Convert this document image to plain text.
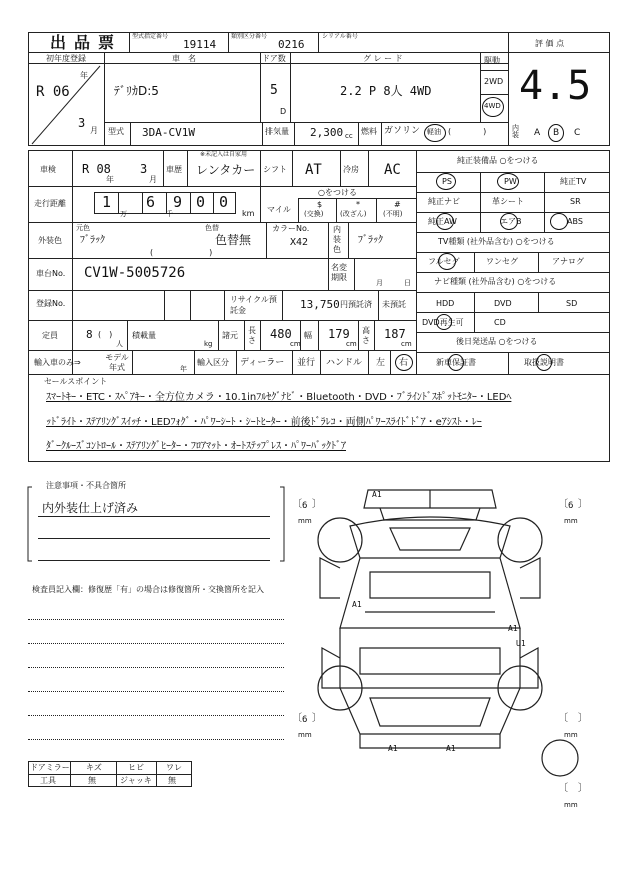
出品票 型式指定番号
19114
類別区分番号
0216
シリアル番号
評 価 点
4.5
初年度登録
R 06
年
3
月
車　名
ﾃﾞﾘｶD:5
ドア数
5
D
グ レ ー ド
2.2 P 8人 4WD
駆動
2WD
4WD
型式 3DA-CV1W	排気量 2,300 cc 燃料 ガソリン 軽油 (　　　　)	内装	A B C
車検 R 08
年
3
月
車歴
※未記入は自家用
レンタカー シフト AT	冷房 AC
走行距離 1
万
6
千
9 0 0
km マイル
○をつける
$
(交換)
*
(改ざん)
#
(不明)
外装色
元色
ﾌﾞﾗｯｸ
色替
色替無
(　　　　　　　)
カラーNo.
X42
内装色
ﾌﾞﾗｯｸ
車台No. CV1W-5005726	名変期限
月	日
登録No.	リサイクル預託金	13,750 円預託済 未預託
定員	8 (　)
人
積載量
kg
諸元
長さ 480
cm
幅 179
cm
高さ 187
cm
輸入車のみ⇒
モデル年式	年
輸入区分 ディーラー 並行 ハンドル 左 右
純正装備品 ○をつける
PS	PW	純正TV
純正ナビ	革シート	SR
純正AW	エアB	ABS
TV種類 (社外品含む) ○をつける
フルセグ	ワンセグ	アナログ
ナビ種類 (社外品含む) ○をつける
HDD	DVD	SD
DVD再生可	CD
後日発送品 ○をつける
新車保証書	取扱説明書
セールスポイント
ｽﾏｰﾄｷｰ・ETC・ｽﾍﾟｱｷｰ・全方位カメラ・10.1inﾌﾙｾｸﾞﾅﾋﾞ・Bluetooth・DVD・ﾌﾞﾗｲﾝﾄﾞｽﾎﾟｯﾄﾓﾆﾀｰ・LEDﾍ
ｯﾄﾞﾗｲﾄ・ｽﾃｱﾘﾝｸﾞｽｲｯﾁ・LEDﾌｫｸﾞ・ﾊﾟﾜｰｼｰﾄ・ｼｰﾄﾋｰﾀｰ・前後ﾄﾞﾗﾚｺ・両側ﾊﾟﾜｰｽﾗｲﾄﾞﾄﾞｱ・eｱｼｽﾄ・ﾚｰ
ﾀﾞｰｸﾙｰｽﾞｺﾝﾄﾛｰﾙ・ｽﾃｱﾘﾝｸﾞﾋｰﾀｰ・ﾌﾛｱﾏｯﾄ・ｵｰﾄｽﾃｯﾌﾟﾚｽ・ﾊﾟﾜｰﾊﾞｯｸﾄﾞｱ
注意事項・不具合箇所
内外装仕上げ済み
検査員記入欄：修復歴「有」の場合は修復箇所・交換箇所を記入
ドアミラー キズ	ヒビ	ワレ
工具	無	ジャッキ 無
A1
A1
A1
U1
A1	A1
〔 6 〕
mm
〔 6 〕
mm
〔 6 〕
mm
〔 〕
mm
〔 〕
mm
